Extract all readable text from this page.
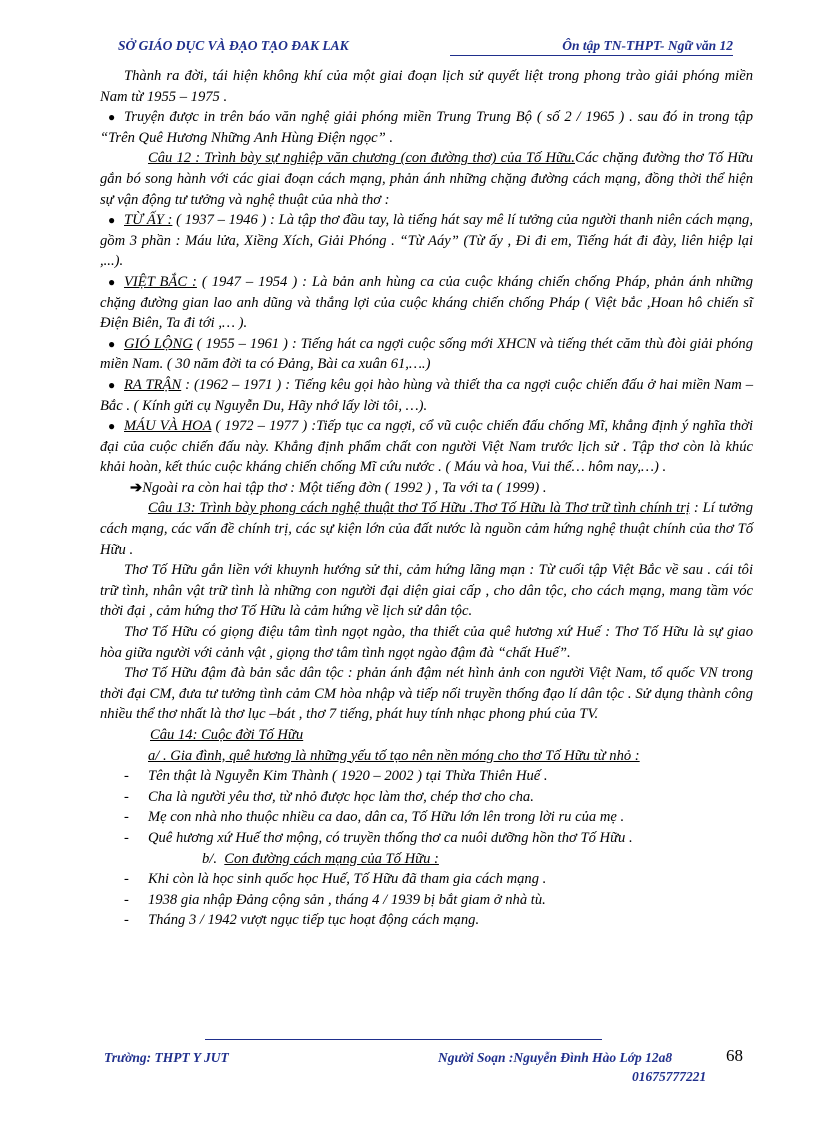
SỞ GIÁO DỤC VÀ ĐẠO TẠO ĐAK LAK	Ôn tập TN-THPT- Ngữ văn 12

Thành ra đời, tái hiện không khí của một giai đoạn lịch sử quyết liệt trong phong trào giải phóng miền Nam từ 1955 – 1975 .

● Truyện được in trên báo văn nghệ giải phóng miền Trung Trung Bộ ( số 2 / 1965 ) . sau đó in trong tập “Trên Quê Hương Những Anh Hùng Điện ngọc” .

Câu 12 : Trình bày sự nghiệp văn chương (con đường thơ) của Tố Hữu.Các chặng đường thơ Tố Hữu gắn bó song hành với các giai đoạn cách mạng, phản ánh những chặng đường cách mạng, đồng thời thể hiện sự vận động tư tưởng và nghệ thuật của nhà thơ :

● TỪ ẤY : ( 1937 – 1946 ) : Là tập thơ đầu tay, là tiếng hát say mê lí tưởng của người thanh niên cách mạng, gồm 3 phần : Máu lửa, Xiềng Xích, Giải Phóng . “Từ Aáy” (Từ ấy , Đi đi em, Tiếng hát đi đày, liên hiệp lại ,...).

● VIỆT BẮC : ( 1947 – 1954 ) : Là bản anh hùng ca của cuộc kháng chiến chống Pháp, phản ánh những chặng đường gian lao anh dũng và thắng lợi của cuộc kháng chiến chống Pháp ( Việt bắc ,Hoan hô chiến sĩ Điện Biên, Ta đi tới ,… ).

● GIÓ LỘNG ( 1955 – 1961 ) : Tiếng hát ca ngợi cuộc sống mới XHCN và tiếng thét căm thù đòi giải phóng miền Nam. ( 30 năm đời ta có Đảng, Bài ca xuân 61,….)

● RA TRẬN : (1962 – 1971 ) : Tiếng kêu gọi hào hùng và thiết tha ca ngợi cuộc chiến đấu ở hai miền Nam –Bắc . ( Kính gửi cụ Nguyễn Du, Hãy nhớ lấy lời tôi, …).

● MÁU VÀ HOA ( 1972 – 1977 ) :Tiếp tục ca ngợi, cổ vũ cuộc chiến đấu chống Mĩ, khẳng định ý nghĩa thời đại của cuộc chiến đấu này. Khẳng định phẩm chất con người Việt Nam trước lịch sử . Tập thơ còn là khúc khải hoàn, kết thúc cuộc kháng chiến chống Mĩ cứu nước . ( Máu và hoa, Vui thế… hôm nay,…) .

➔Ngoài ra còn hai tập thơ : Một tiếng đờn ( 1992 ) , Ta với ta ( 1999) .

Câu 13: Trình bày phong cách nghệ thuật thơ Tố Hữu .Thơ Tố Hữu là Thơ trữ tình chính trị : Lí tưởng cách mạng, các vấn đề chính trị, các sự kiện lớn của đất nước là nguồn cảm hứng nghệ thuật chính của thơ Tố Hữu .

Thơ Tố Hữu gắn liền với khuynh hướng sử thi, cảm hứng lãng mạn : Từ cuối tập Việt Bắc về sau . cái tôi trữ tình, nhân vật trữ tình là những con người đại diện giai cấp , cho dân tộc, cho cách mạng, mang tầm vóc thời đại , cảm hứng thơ Tố Hữu là cảm hứng về lịch sử dân tộc.

Thơ Tố Hữu có giọng điệu tâm tình ngọt ngào, tha thiết của quê hương xứ Huế : Thơ Tố Hữu là sự giao hòa giữa người với cảnh vật , giọng thơ tâm tình ngọt ngào đậm đà “chất Huế”.

Thơ Tố Hữu đậm đà bản sắc dân tộc : phản ánh đậm nét hình ảnh con người Việt Nam, tổ quốc VN trong thời đại CM, đưa tư tưởng tình cảm CM hòa nhập và tiếp nối truyền thống đạo lí dân tộc . Sử dụng thành công nhiều thể thơ nhất là thơ lục –bát , thơ 7 tiếng, phát huy tính nhạc phong phú của TV.

Câu 14: Cuộc đời Tố Hữu

a/ . Gia đình, quê hương là những yếu tố tạo nên nền móng cho thơ Tố Hữu từ nhỏ :

- Tên thật là Nguyễn Kim Thành ( 1920 – 2002 ) tại Thừa Thiên Huế .

- Cha là người yêu thơ, từ nhỏ được học làm thơ, chép thơ cho cha.

- Mẹ con nhà nho thuộc nhiều ca dao, dân ca, Tố Hữu lớn lên trong lời ru của mẹ .

- Quê hương xứ Huế thơ mộng, có truyền thống thơ ca nuôi dưỡng hồn thơ Tố Hữu .

b/. Con đường cách mạng của Tố Hữu :

- Khi còn là học sinh quốc học Huế, Tố Hữu đã tham gia cách mạng .

- 1938 gia nhập Đảng cộng sản , tháng 4 / 1939 bị bắt giam ở nhà tù.

- Tháng 3 / 1942 vượt ngục tiếp tục hoạt động cách mạng.

Trường: THPT Y JUT	Người Soạn :Nguyễn Đình Hào Lớp 12a8
01675777221
68
